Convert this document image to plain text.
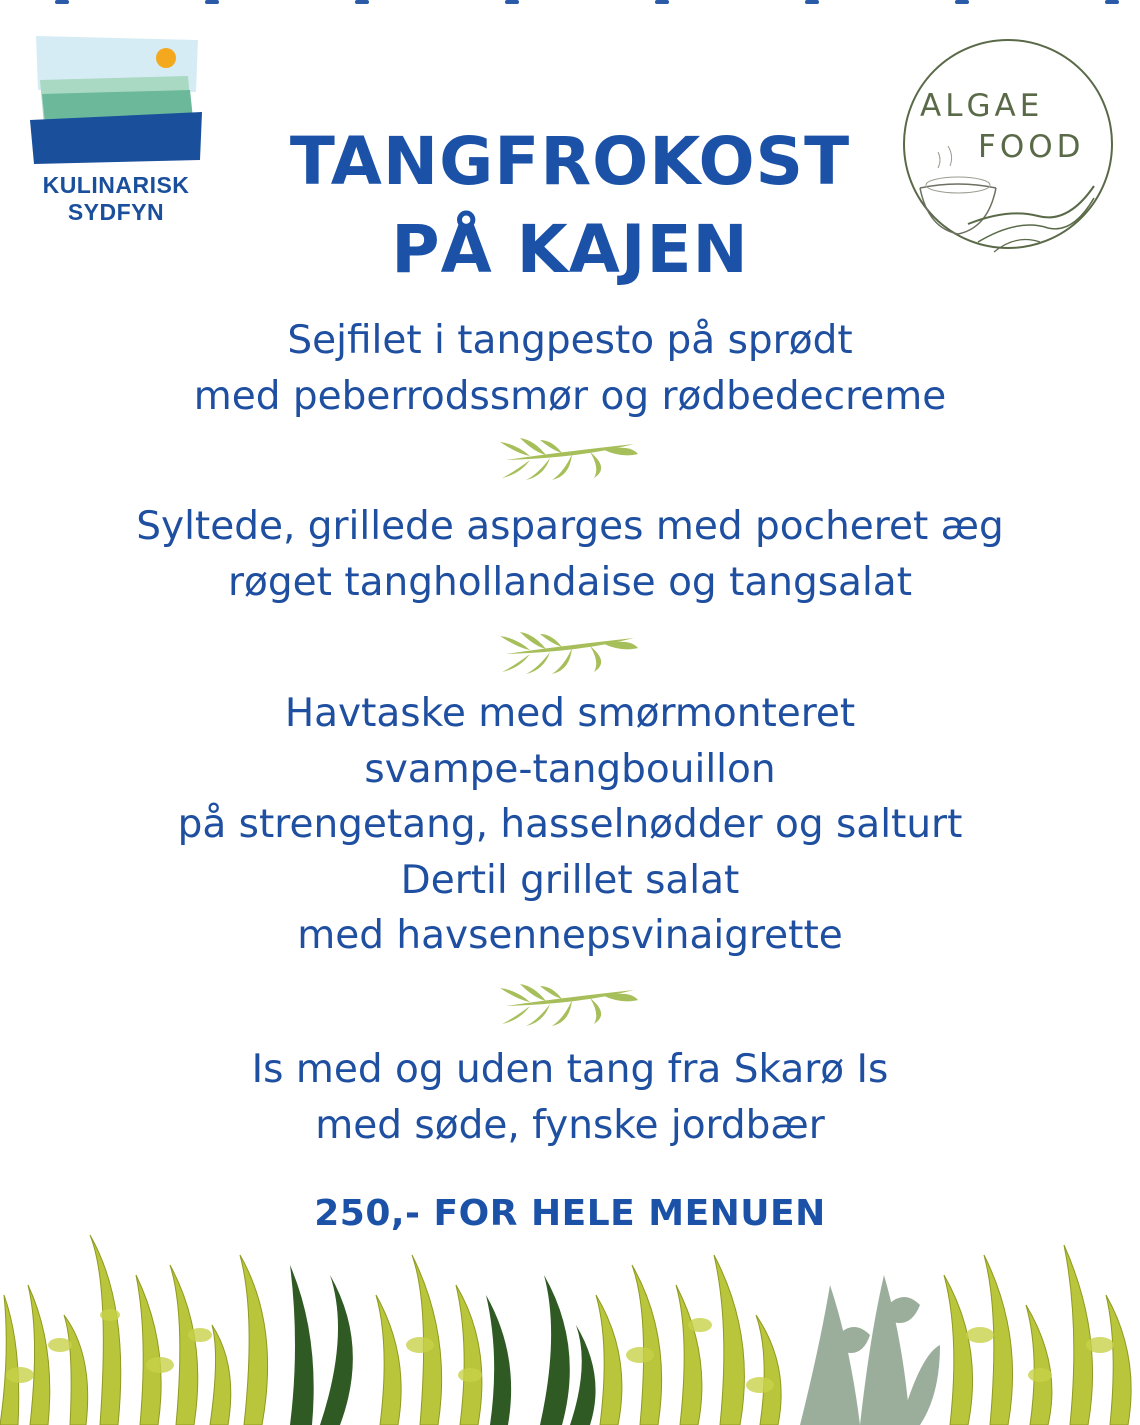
KULINARISK
SYDFYN
ALGAE
FOOD
TANGFROKOST
PÅ KAJEN
Sejfilet i tangpesto på sprødt
med peberrodssmør og rødbedecreme
Syltede, grillede asparges med pocheret æg
røget tanghollandaise og tangsalat
Havtaske med smørmonteret
svampe-tangbouillon
på strengetang, hasselnødder og salturt
Dertil grillet salat
med havsennepsvinaigrette
Is med og uden tang fra Skarø Is
med søde, fynske jordbær
250,- FOR HELE MENUEN
